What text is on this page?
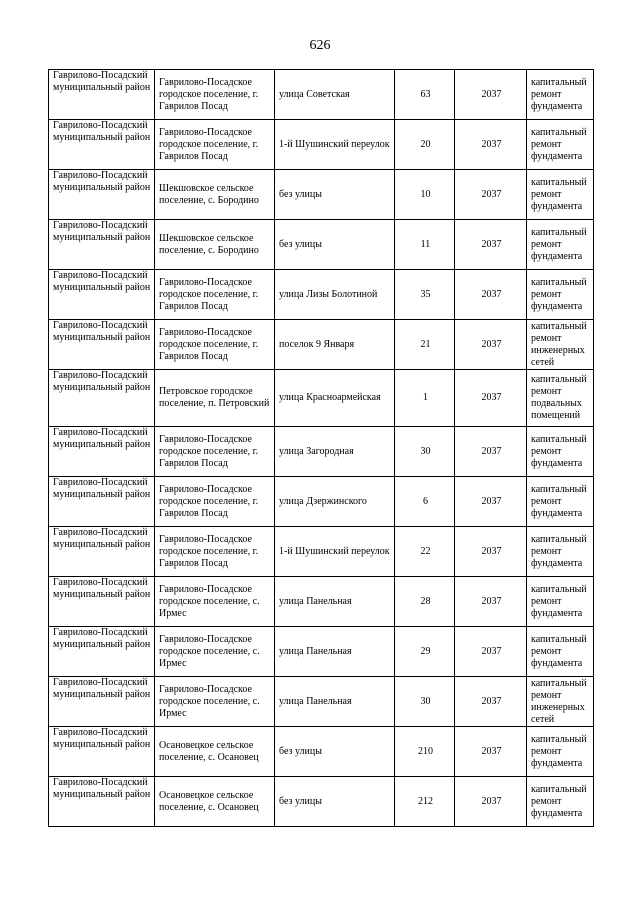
626
Гаврилово-Посадский муниципальный район	Гаврилово-Посадское городское поселение, г. Гаврилов Посад	улица Советская	63	2037	капитальный ремонт фундамента
Гаврилово-Посадский муниципальный район	Гаврилово-Посадское городское поселение, г. Гаврилов Посад	1-й Шушинский переулок	20	2037	капитальный ремонт фундамента
Гаврилово-Посадский муниципальный район	Шекшовское сельское поселение, с. Бородино	без улицы	10	2037	капитальный ремонт фундамента
Гаврилово-Посадский муниципальный район	Шекшовское сельское поселение, с. Бородино	без улицы	11	2037	капитальный ремонт фундамента
Гаврилово-Посадский муниципальный район	Гаврилово-Посадское городское поселение, г. Гаврилов Посад	улица Лизы Болотиной	35	2037	капитальный ремонт фундамента
Гаврилово-Посадский муниципальный район	Гаврилово-Посадское городское поселение, г. Гаврилов Посад	поселок 9 Января	21	2037	капитальный ремонт инженерных сетей
Гаврилово-Посадский муниципальный район	Петровское городское поселение, п. Петровский	улица Красноармейская	1	2037	капитальный ремонт подвальных помещений
Гаврилово-Посадский муниципальный район	Гаврилово-Посадское городское поселение, г. Гаврилов Посад	улица Загородная	30	2037	капитальный ремонт фундамента
Гаврилово-Посадский муниципальный район	Гаврилово-Посадское городское поселение, г. Гаврилов Посад	улица Дзержинского	6	2037	капитальный ремонт фундамента
Гаврилово-Посадский муниципальный район	Гаврилово-Посадское городское поселение, г. Гаврилов Посад	1-й Шушинский переулок	22	2037	капитальный ремонт фундамента
Гаврилово-Посадский муниципальный район	Гаврилово-Посадское городское поселение, с. Ирмес	улица Панельная	28	2037	капитальный ремонт фундамента
Гаврилово-Посадский муниципальный район	Гаврилово-Посадское городское поселение, с. Ирмес	улица Панельная	29	2037	капитальный ремонт фундамента
Гаврилово-Посадский муниципальный район	Гаврилово-Посадское городское поселение, с. Ирмес	улица Панельная	30	2037	капитальный ремонт инженерных сетей
Гаврилово-Посадский муниципальный район	Осановецкое сельское поселение, с. Осановец	без улицы	210	2037	капитальный ремонт фундамента
Гаврилово-Посадский муниципальный район	Осановецкое сельское поселение, с. Осановец	без улицы	212	2037	капитальный ремонт фундамента
